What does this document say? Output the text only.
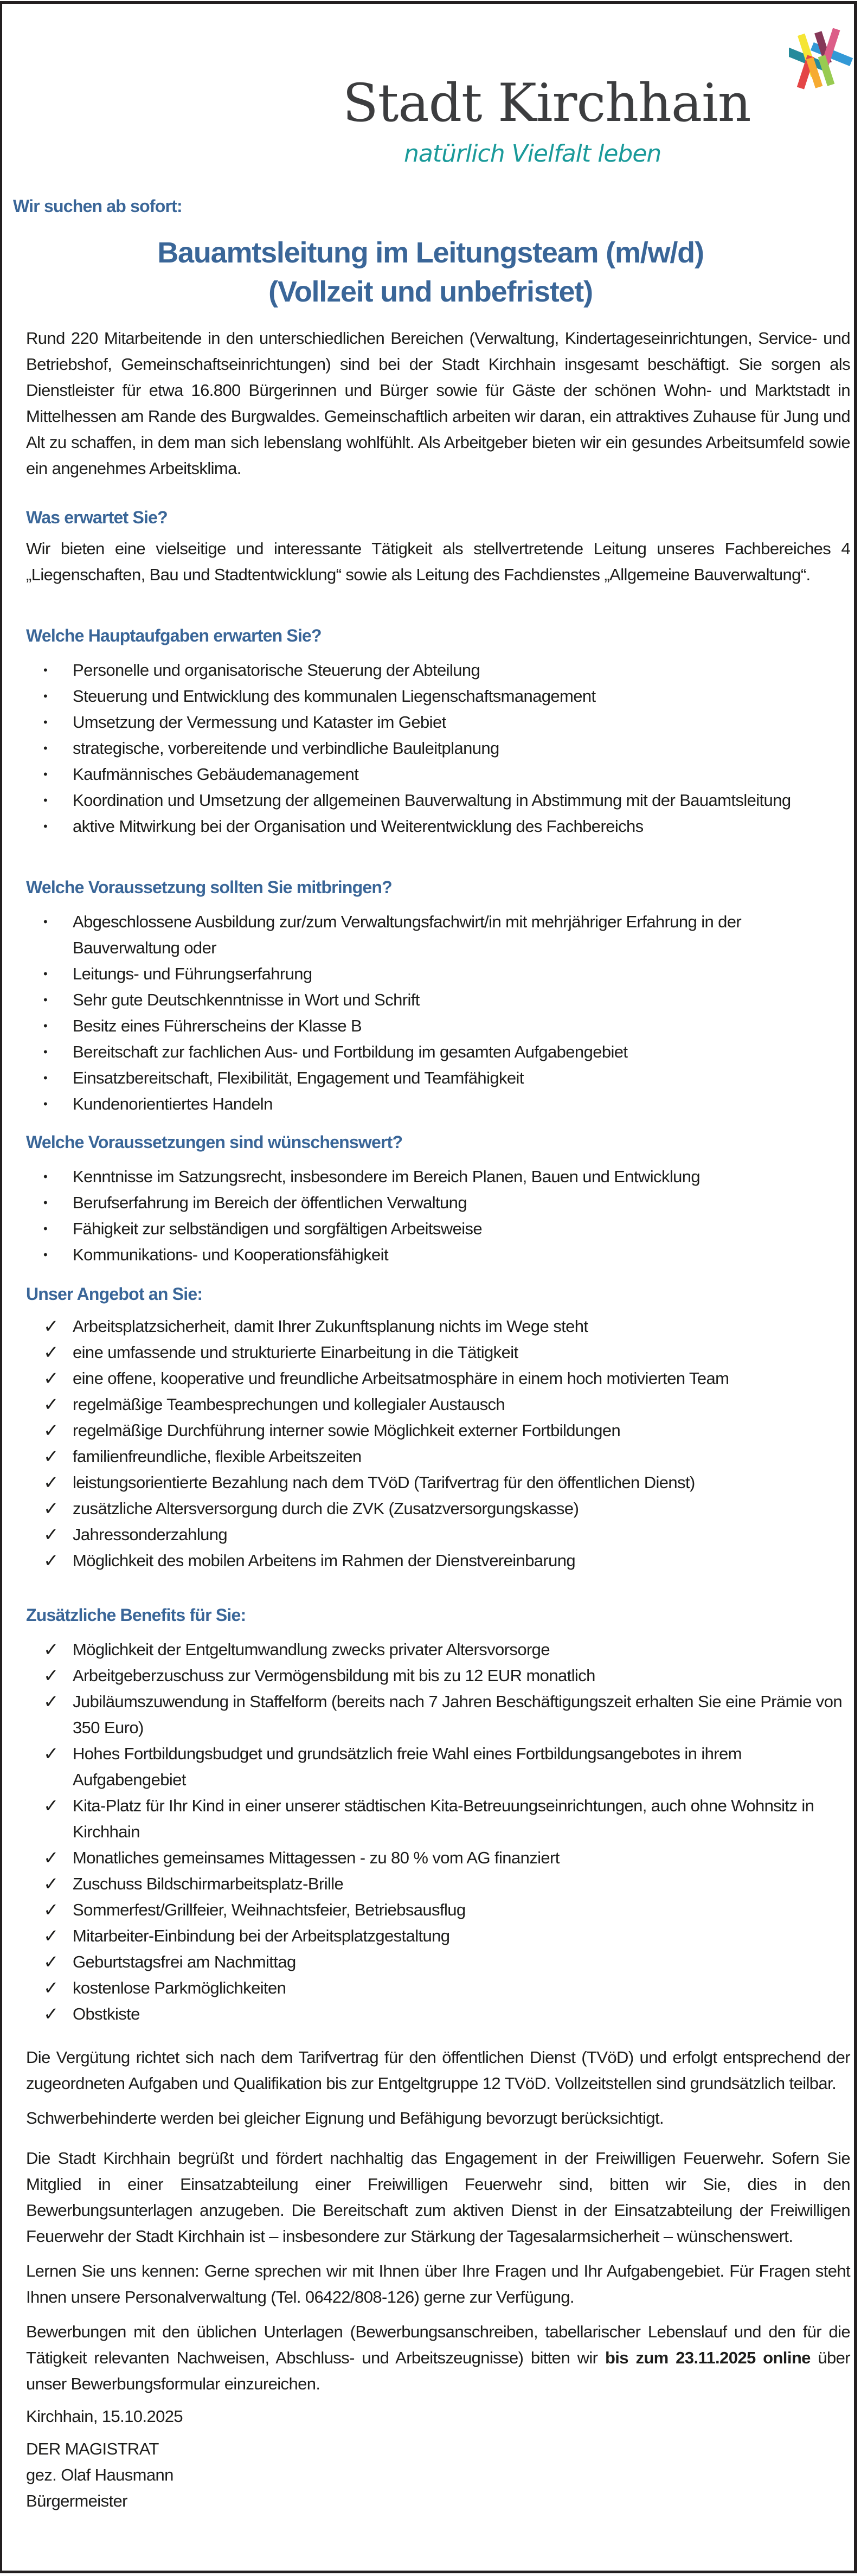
Stadt Kirchhain
natürlich Vielfalt leben
Wir suchen ab sofort:
Bauamtsleitung im Leitungsteam (m/w/d)
(Vollzeit und unbefristet)

Rund 220 Mitarbeitende in den unterschiedlichen Bereichen (Verwaltung, Kindertageseinrichtungen, Service- und Betriebshof, Gemeinschaftseinrichtungen) sind bei der Stadt Kirchhain insgesamt beschäftigt. Sie sorgen als Dienstleister für etwa 16.800 Bürgerinnen und Bürger sowie für Gäste der schönen Wohn- und Marktstadt in Mittelhessen am Rande des Burgwaldes. Gemeinschaftlich arbeiten wir daran, ein attraktives Zuhause für Jung und Alt zu schaffen, in dem man sich lebenslang wohlfühlt. Als Arbeitgeber bieten wir ein gesundes Arbeitsumfeld sowie ein angenehmes Arbeitsklima.

Was erwartet Sie?

Wir bieten eine vielseitige und interessante Tätigkeit als stellvertretende Leitung unseres Fachbereiches 4 „Liegenschaften, Bau und Stadtentwicklung“ sowie als Leitung des Fachdienstes „Allgemeine Bauverwaltung“.

Welche Hauptaufgaben erwarten Sie?
•	Personelle und organisatorische Steuerung der Abteilung
•	Steuerung und Entwicklung des kommunalen Liegenschaftsmanagement
•	Umsetzung der Vermessung und Kataster im Gebiet
•	strategische, vorbereitende und verbindliche Bauleitplanung
•	Kaufmännisches Gebäudemanagement
•	Koordination und Umsetzung der allgemeinen Bauverwaltung in Abstimmung mit der Bauamtsleitung
•	aktive Mitwirkung bei der Organisation und Weiterentwicklung des Fachbereichs
Welche Voraussetzung sollten Sie mitbringen?
•	Abgeschlossene Ausbildung zur/zum Verwaltungsfachwirt/in mit mehrjähriger Erfahrung in der Bauverwaltung oder
•	Leitungs- und Führungserfahrung
•	Sehr gute Deutschkenntnisse in Wort und Schrift
•	Besitz eines Führerscheins der Klasse B
•	Bereitschaft zur fachlichen Aus- und Fortbildung im gesamten Aufgabengebiet
•	Einsatzbereitschaft, Flexibilität, Engagement und Teamfähigkeit
•	Kundenorientiertes Handeln
Welche Voraussetzungen sind wünschenswert?
•	Kenntnisse im Satzungsrecht, insbesondere im Bereich Planen, Bauen und Entwicklung
•	Berufserfahrung im Bereich der öffentlichen Verwaltung
•	Fähigkeit zur selbständigen und sorgfältigen Arbeitsweise
•	Kommunikations- und Kooperationsfähigkeit
Unser Angebot an Sie:
✓ Arbeitsplatzsicherheit, damit Ihrer Zukunftsplanung nichts im Wege steht
✓ eine umfassende und strukturierte Einarbeitung in die Tätigkeit
✓ eine offene, kooperative und freundliche Arbeitsatmosphäre in einem hoch motivierten Team
✓ regelmäßige Teambesprechungen und kollegialer Austausch
✓ regelmäßige Durchführung interner sowie Möglichkeit externer Fortbildungen
✓ familienfreundliche, flexible Arbeitszeiten
✓ leistungsorientierte Bezahlung nach dem TVöD (Tarifvertrag für den öffentlichen Dienst)
✓ zusätzliche Altersversorgung durch die ZVK (Zusatzversorgungskasse)
✓ Jahressonderzahlung
✓ Möglichkeit des mobilen Arbeitens im Rahmen der Dienstvereinbarung
Zusätzliche Benefits für Sie:
✓ Möglichkeit der Entgeltumwandlung zwecks privater Altersvorsorge
✓ Arbeitgeberzuschuss zur Vermögensbildung mit bis zu 12 EUR monatlich
✓ Jubiläumszuwendung in Staffelform (bereits nach 7 Jahren Beschäftigungszeit erhalten Sie eine Prämie von 350 Euro)
✓ Hohes Fortbildungsbudget und grundsätzlich freie Wahl eines Fortbildungsangebotes in ihrem Aufgabengebiet
✓ Kita-Platz für Ihr Kind in einer unserer städtischen Kita-Betreuungseinrichtungen, auch ohne Wohnsitz in Kirchhain
✓ Monatliches gemeinsames Mittagessen - zu 80 % vom AG finanziert
✓ Zuschuss Bildschirmarbeitsplatz-Brille
✓ Sommerfest/Grillfeier, Weihnachtsfeier, Betriebsausflug
✓ Mitarbeiter-Einbindung bei der Arbeitsplatzgestaltung
✓ Geburtstagsfrei am Nachmittag
✓ kostenlose Parkmöglichkeiten
✓ Obstkiste

Die Vergütung richtet sich nach dem Tarifvertrag für den öffentlichen Dienst (TVöD) und erfolgt entsprechend der zugeordneten Aufgaben und Qualifikation bis zur Entgeltgruppe 12 TVöD. Vollzeitstellen sind grundsätzlich teilbar.

Schwerbehinderte werden bei gleicher Eignung und Befähigung bevorzugt berücksichtigt.

Die Stadt Kirchhain begrüßt und fördert nachhaltig das Engagement in der Freiwilligen Feuerwehr. Sofern Sie Mitglied in einer Einsatzabteilung einer Freiwilligen Feuerwehr sind, bitten wir Sie, dies in den Bewerbungsunterlagen anzugeben. Die Bereitschaft zum aktiven Dienst in der Einsatzabteilung der Freiwilligen Feuerwehr der Stadt Kirchhain ist – insbesondere zur Stärkung der Tagesalarmsicherheit – wünschenswert.

Lernen Sie uns kennen: Gerne sprechen wir mit Ihnen über Ihre Fragen und Ihr Aufgabengebiet. Für Fragen steht Ihnen unsere Personalverwaltung (Tel. 06422/808-126) gerne zur Verfügung.

Bewerbungen mit den üblichen Unterlagen (Bewerbungsanschreiben, tabellarischer Lebenslauf und den für die Tätigkeit relevanten Nachweisen, Abschluss- und Arbeitszeugnisse) bitten wir bis zum 23.11.2025 online über unser Bewerbungsformular einzureichen.

Kirchhain, 15.10.2025

DER MAGISTRAT
gez. Olaf Hausmann
Bürgermeister
